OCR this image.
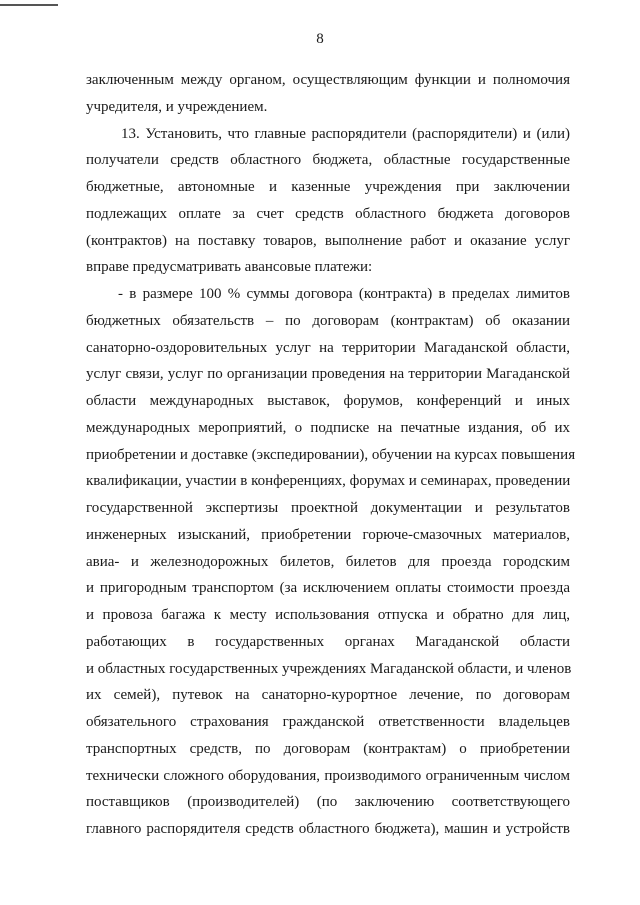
8
заключенным между органом, осуществляющим функции и полномочия
учредителя, и учреждением.
13. Установить, что главные распорядители (распорядители) и (или)
получатели средств областного бюджета, областные государственные
бюджетные, автономные и казенные учреждения при заключении
подлежащих оплате за счет средств областного бюджета договоров
(контрактов) на поставку товаров, выполнение работ и оказание услуг
вправе предусматривать авансовые платежи:
- в размере 100 % суммы договора (контракта) в пределах лимитов
бюджетных обязательств – по договорам (контрактам) об оказании
санаторно-оздоровительных услуг на территории Магаданской области,
услуг связи, услуг по организации проведения на территории Магаданской
области международных выставок, форумов, конференций и иных
международных мероприятий, о подписке на печатные издания, об их
приобретении и доставке (экспедировании), обучении на курсах повышения
квалификации, участии в конференциях, форумах и семинарах, проведении
государственной экспертизы проектной документации и результатов
инженерных изысканий, приобретении горюче-смазочных материалов,
авиа- и железнодорожных билетов, билетов для проезда городским
и пригородным транспортом (за исключением оплаты стоимости проезда
и провоза багажа к месту использования отпуска и обратно для лиц,
работающих в государственных органах Магаданской области
и областных государственных учреждениях Магаданской области, и членов
их семей), путевок на санаторно-курортное лечение, по договорам
обязательного страхования гражданской ответственности владельцев
транспортных средств, по договорам (контрактам) о приобретении
технически сложного оборудования, производимого ограниченным числом
поставщиков (производителей) (по заключению соответствующего
главного распорядителя средств областного бюджета), машин и устройств
